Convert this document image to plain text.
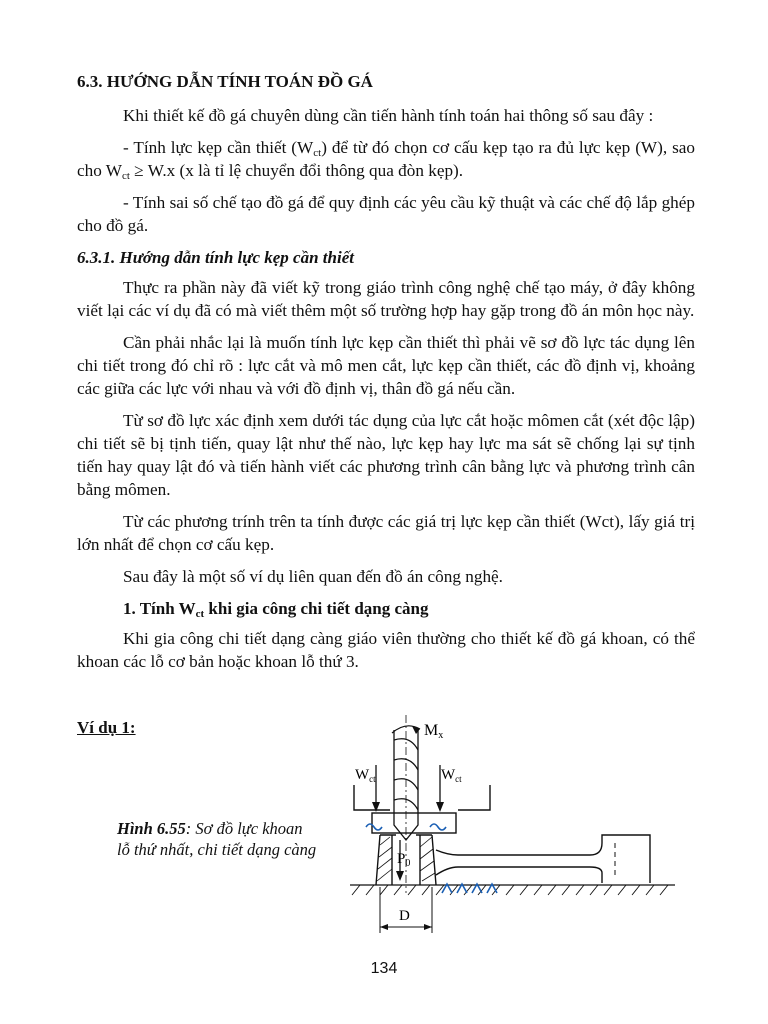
6.3. HƯỚNG DẪN TÍNH TOÁN ĐỒ GÁ

Khi thiết kế đồ gá chuyên dùng cần tiến hành tính toán hai thông số sau đây :

- Tính lực kẹp cần thiết $(W_{ct})$ để từ đó chọn cơ cấu kẹp tạo ra đủ lực kẹp (W), sao cho $W_{ct} \ge W.x$ (x là tỉ lệ chuyển đổi thông qua đòn kẹp).

- Tính sai số chế tạo đồ gá để quy định các yêu cầu kỹ thuật và các chế độ lắp ghép cho đồ gá.

6.3.1. Hướng dẫn tính lực kẹp cần thiết

Thực ra phần này đã viết kỹ trong giáo trình công nghệ chế tạo máy, ở đây không viết lại các ví dụ đã có mà viết thêm một số trường hợp hay gặp trong đồ án môn học này.

Cần phải nhắc lại là muốn tính lực kẹp cần thiết thì phải vẽ sơ đồ lực tác dụng lên chi tiết trong đó chỉ rõ : lực cắt và mô men cắt, lực kẹp cần thiết, các đồ định vị, khoảng các giữa các lực với nhau và với đồ định vị, thân đồ gá nếu cần.

Từ sơ đồ lực xác định xem dưới tác dụng của lực cắt hoặc mômen cắt (xét độc lập) chi tiết sẽ bị tịnh tiến, quay lật như thế nào, lực kẹp hay lực ma sát sẽ chống lại sự tịnh tiến hay quay lật đó và tiến hành viết các phương trình cân bằng lực và phương trình cân bằng mômen.

Từ các phương trính trên ta tính được các giá trị lực kẹp cần thiết (Wct), lấy giá trị lớn nhất để chọn cơ cấu kẹp.

Sau đây là một số ví dụ liên quan đến đồ án công nghệ.

1. Tính $W_{ct}$ khi gia công chi tiết dạng càng

Khi gia công chi tiết dạng càng giáo viên thường cho thiết kế đồ gá khoan, có thể khoan các lỗ cơ bản hoặc khoan lỗ thứ 3.

Ví dụ 1:
Hình 6.55: Sơ đồ lực khoan lỗ thứ nhất, chi tiết dạng càng
Mx
$W_{ct}$	$W_{ct}$
$P_0$
D
134
